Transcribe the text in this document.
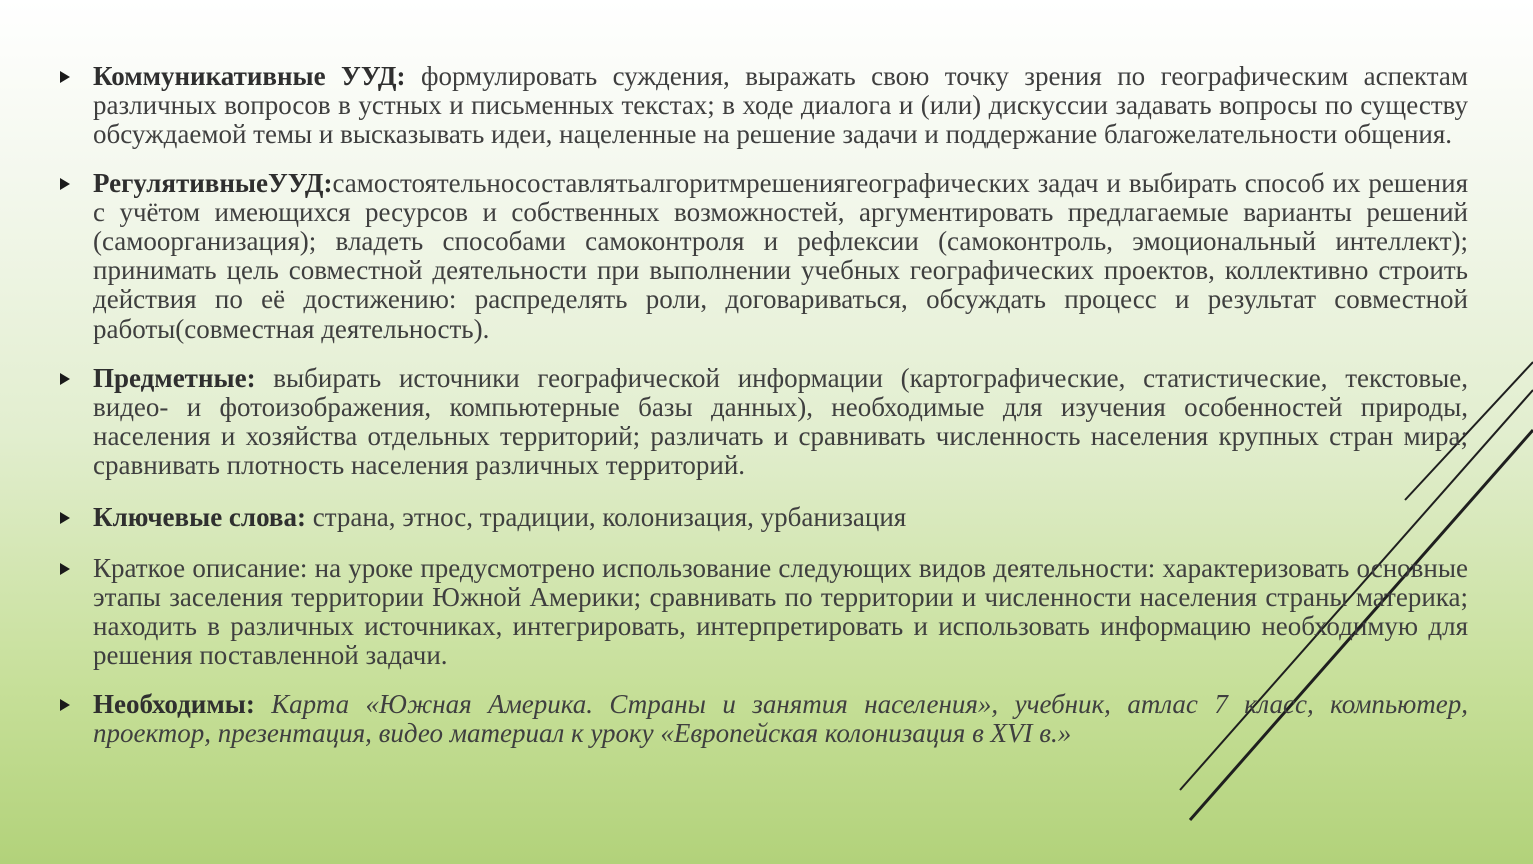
Коммуникативные УУД: формулировать суждения, выражать свою точку зрения по географическим аспектам различных вопросов в устных и письменных текстах; в ходе диалога и (или) дискуссии задавать вопросы по существу обсуждаемой темы и высказывать идеи, нацеленные на решение задачи и поддержание благожелательности общения.
РегулятивныеУУД:самостоятельносоставлятьалгоритмрешениягеографических задач и выбирать способ их решения с учётом имеющихся ресурсов и собственных возможностей, аргументировать предлагаемые варианты решений (самоорганизация); владеть способами самоконтроля и рефлексии (самоконтроль, эмоциональный интеллект); принимать цель совместной деятельности при выполнении учебных географических проектов, коллективно строить действия по её достижению: распределять роли, договариваться, обсуждать процесс и результат совместной работы(совместная деятельность).
Предметные: выбирать источники географической информации (картографические, статистические, текстовые, видео- и фотоизображения, компьютерные базы данных), необходимые для изучения особенностей природы, населения и хозяйства отдельных территорий; различать и сравнивать численность населения крупных стран мира; сравнивать плотность населения различных территорий.
Ключевые слова: страна, этнос, традиции, колонизация, урбанизация
Краткое описание: на уроке предусмотрено использование следующих видов деятельности: характеризовать основные этапы заселения территории Южной Америки; сравнивать по территории и численности населения страны материка; находить в различных источниках, интегрировать, интерпретировать и использовать информацию необходимую для решения поставленной задачи.
Необходимы: Карта «Южная Америка. Страны и занятия населения», учебник, атлас 7 класс, компьютер, проектор, презентация, видео материал к уроку «Европейская колонизация в XVI в.»
